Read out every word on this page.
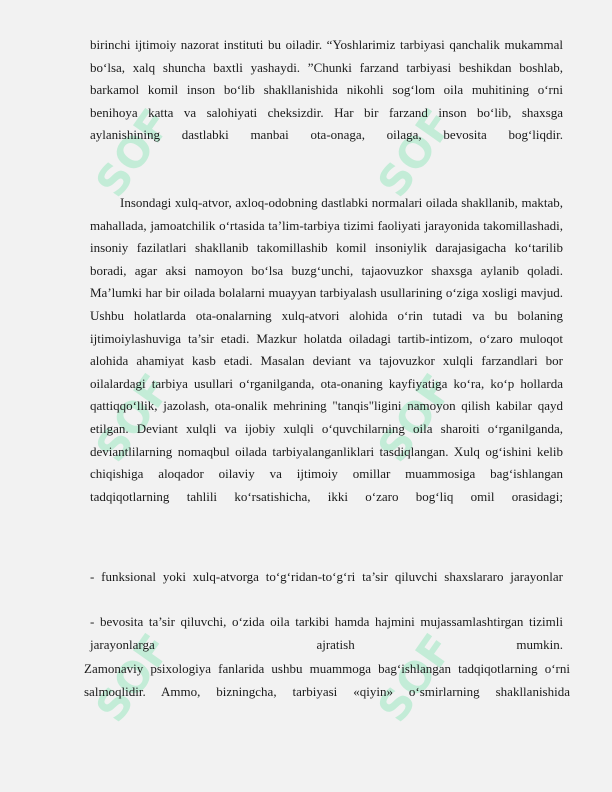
SOF	SOF
SOF	SOF
SOF	SOF

birinchi ijtimoiy nazorat instituti bu oiladir. “Yoshlarimiz tarbiyasi qanchalik mukammal bo‘lsa, xalq shuncha baxtli yashaydi. ”Chunki farzand tarbiyasi beshikdan boshlab, barkamol komil inson bo‘lib shakllanishida nikohli sog‘lom oila muhitining o‘rni benihoya katta va salohiyati cheksizdir. Har bir farzand inson bo‘lib, shaxsga aylanishining dastlabki manbai ota-onaga, oilaga, bevosita bog‘liqdir.

Insondagi xulq-atvor, axloq-odobning dastlabki normalari oilada shakllanib, maktab, mahallada, jamoatchilik o‘rtasida ta’lim-tarbiya tizimi faoliyati jarayonida takomillashadi, insoniy fazilatlari shakllanib takomillashib komil insoniylik darajasigacha ko‘tarilib boradi, agar aksi namoyon bo‘lsa buzg‘unchi, tajaovuzkor shaxsga aylanib qoladi. Ma’lumki har bir oilada bolalarni muayyan tarbiyalash usullarining o‘ziga xosligi mavjud. Ushbu holatlarda ota-onalarning xulq-atvori alohida o‘rin tutadi va bu bolaning ijtimoiylashuviga ta’sir etadi. Mazkur holatda oiladagi tartib-intizom, o‘zaro muloqot alohida ahamiyat kasb etadi. Masalan deviant va tajovuzkor xulqli farzandlari bor oilalardagi tarbiya usullari o‘rganilganda, ota-onaning kayfiyatiga ko‘ra, ko‘p hollarda qattiqqo‘llik, jazolash, ota-onalik mehrining "tanqis"ligini namoyon qilish kabilar qayd etilgan. Deviant xulqli va ijobiy xulqli o‘quvchilarning oila sharoiti o‘rganilganda, deviantlilarning nomaqbul oilada tarbiyalanganliklari tasdiqlangan. Xulq og‘ishini kelib chiqishiga aloqador oilaviy va ijtimoiy omillar muammosiga bag‘ishlangan tadqiqotlarning tahlili ko‘rsatishicha, ikki o‘zaro bog‘liq omil orasidagi;

- funksional yoki xulq-atvorga to‘g‘ridan-to‘g‘ri ta’sir qiluvchi shaxslararo jarayonlar

- bevosita ta’sir qiluvchi, o‘zida oila tarkibi hamda hajmini mujassamlashtirgan tizimli jarayonlarga ajratish mumkin.

Zamonaviy psixologiya fanlarida ushbu muammoga bag‘ishlangan tadqiqotlarning o‘rni salmoqlidir. Ammo, bizningcha, tarbiyasi «qiyin» o‘smirlarning shakllanishida
